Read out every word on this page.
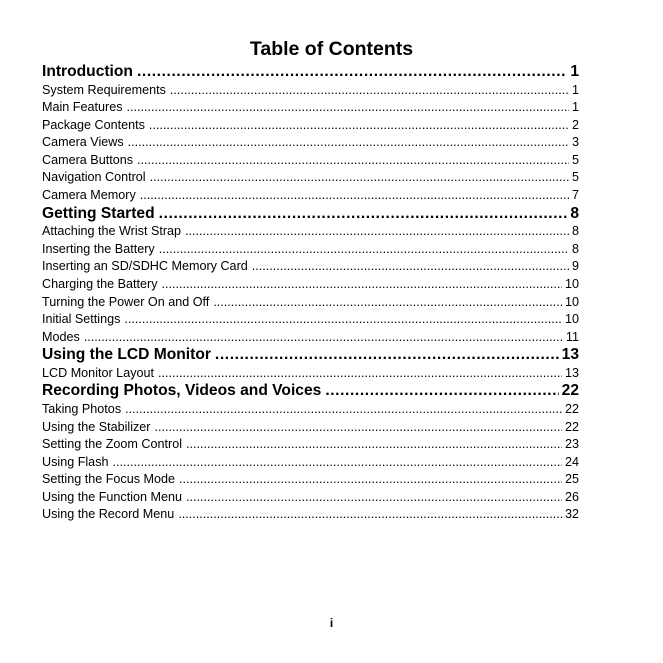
Table of Contents
Introduction .....	1
System Requirements .....	1
Main Features .....	1
Package Contents .....	2
Camera Views .....	3
Camera Buttons .....	5
Navigation Control .....	5
Camera Memory .....	7
Getting Started .....	8
Attaching the Wrist Strap .....	8
Inserting the Battery .....	8
Inserting an SD/SDHC Memory Card .....	9
Charging the Battery .....	10
Turning the Power On and Off .....	10
Initial Settings .....	10
Modes .....	11
Using the LCD Monitor .....	13
LCD Monitor Layout .....	13
Recording Photos, Videos and Voices .....	22
Taking Photos .....	22
Using the Stabilizer .....	22
Setting the Zoom Control .....	23
Using Flash .....	24
Setting the Focus Mode .....	25
Using the Function Menu .....	26
Using the Record Menu .....	32
i
